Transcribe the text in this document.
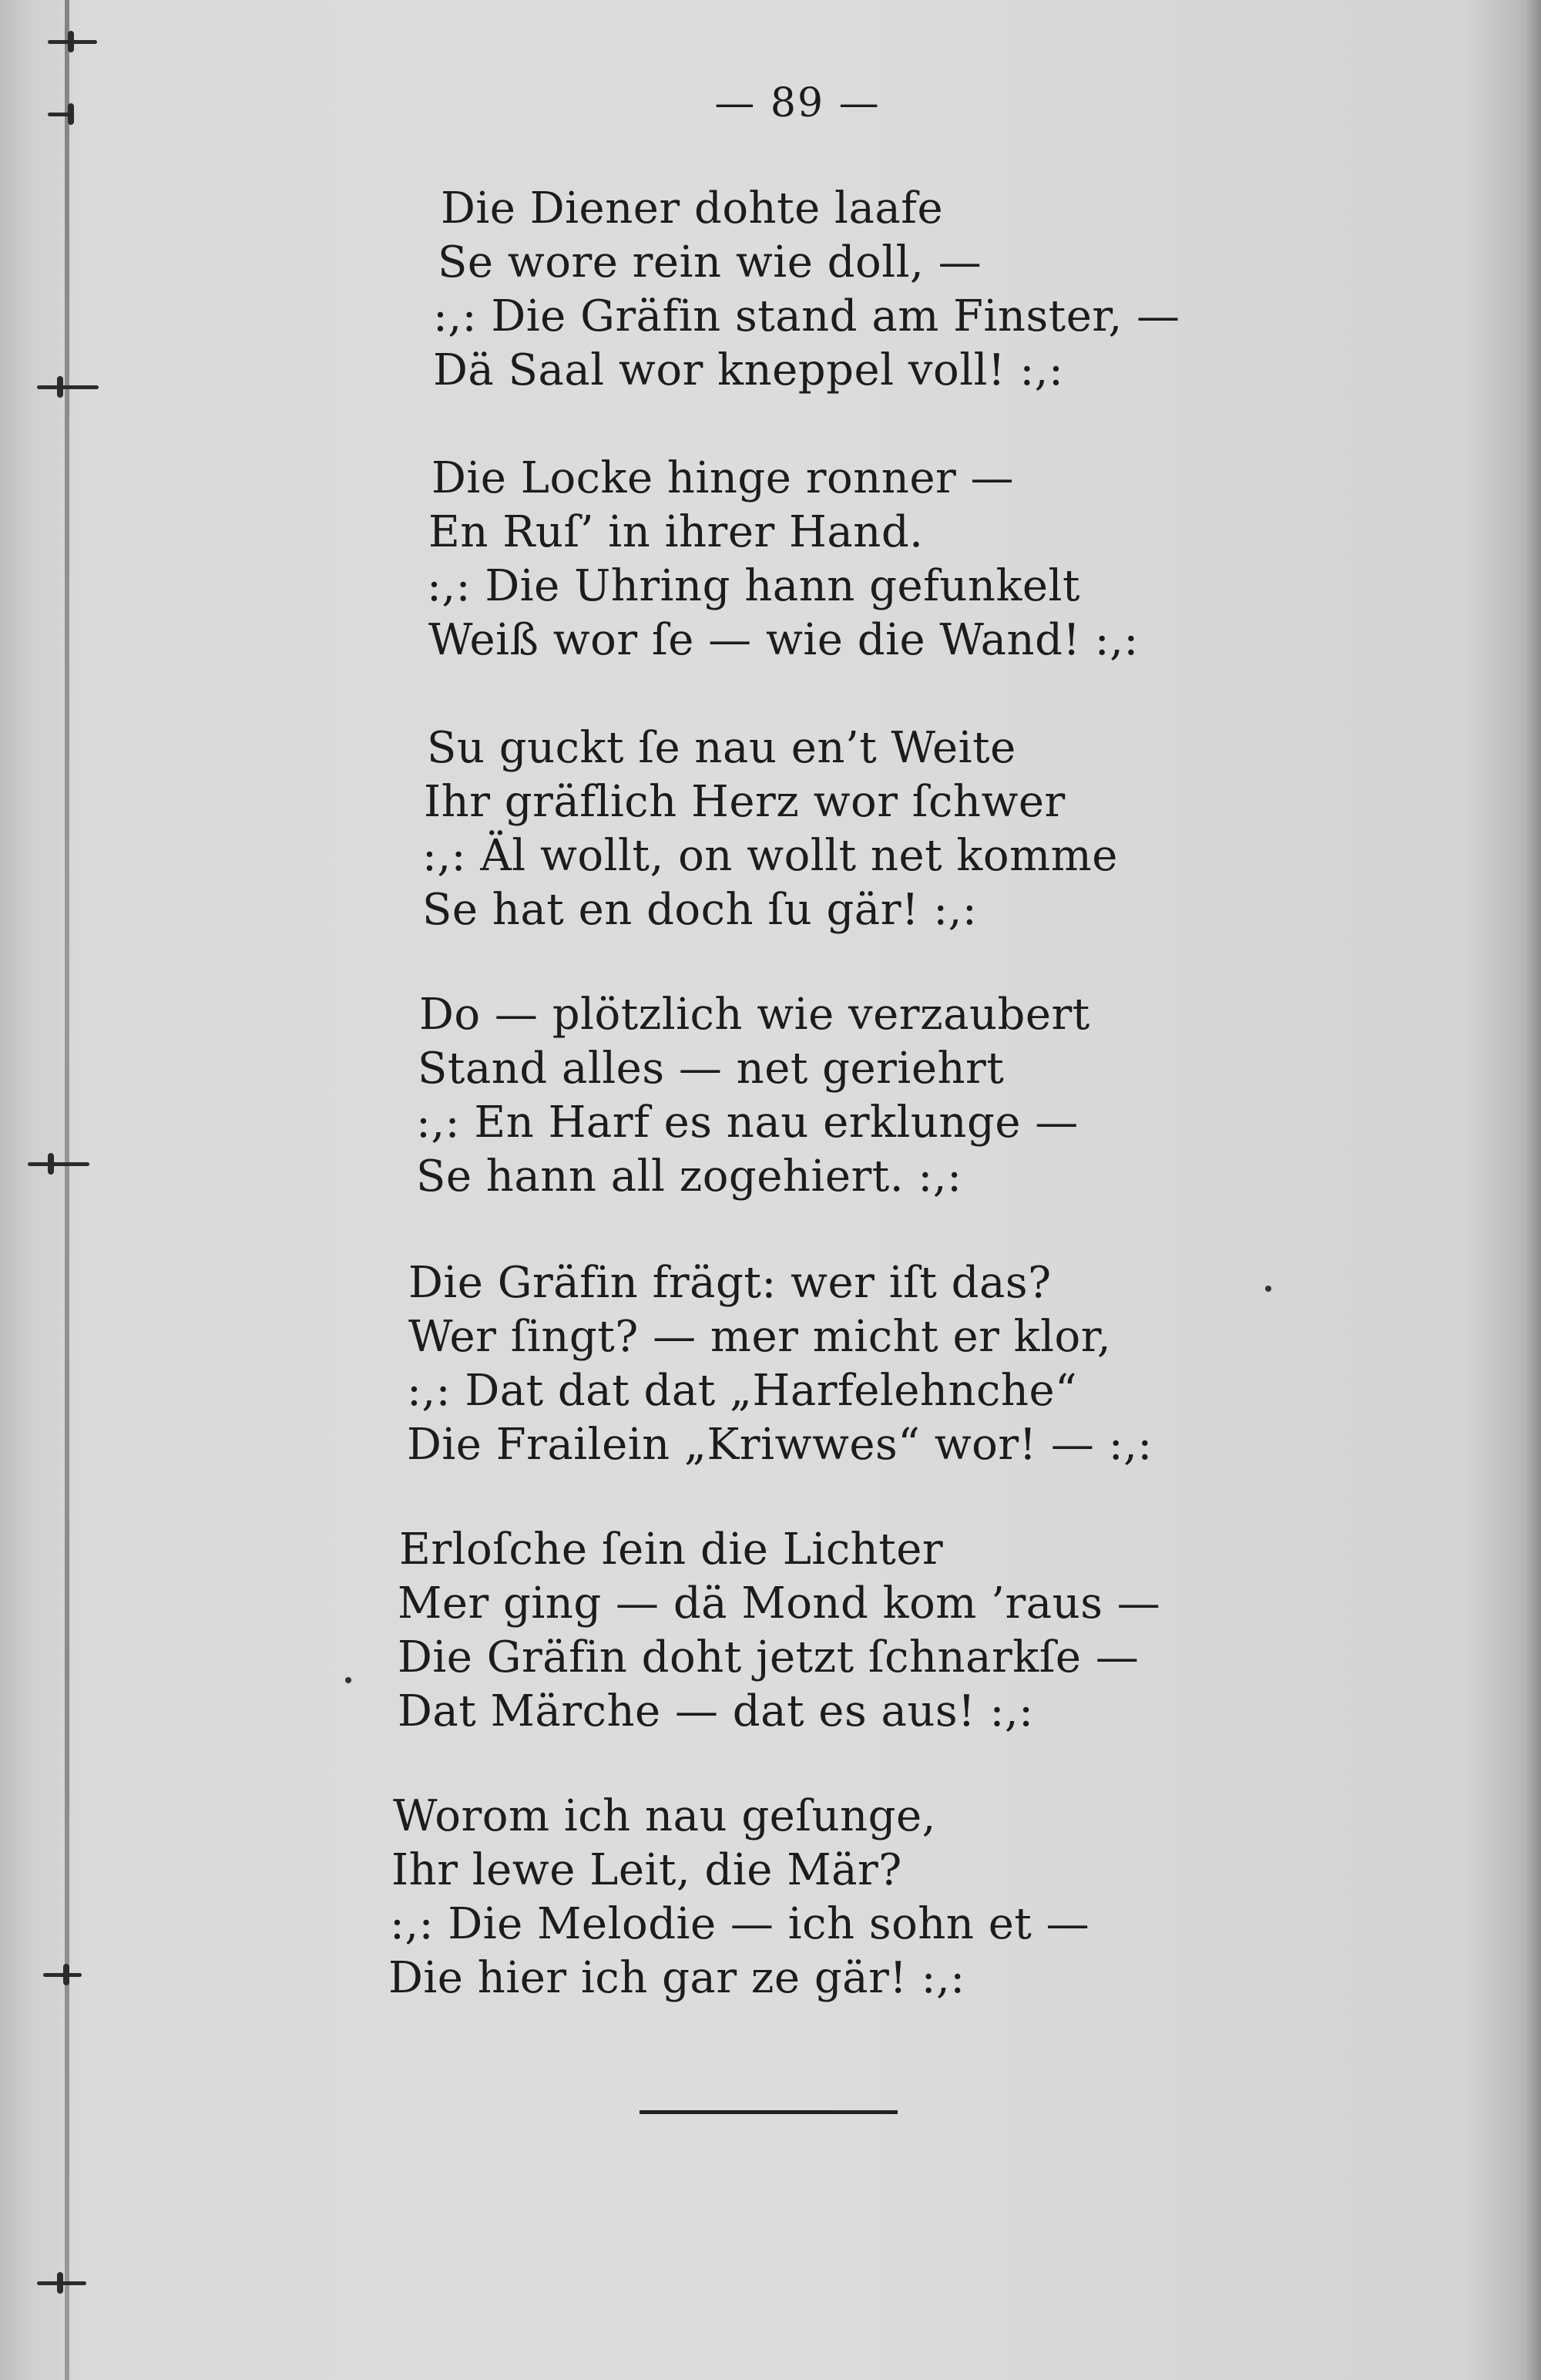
— 89 —
Die Diener dohte laafe
Se wore rein wie doll, —
:,: Die Gräfin stand am Finster, —
Dä Saal wor kneppel voll! :,:
Die Locke hinge ronner —
En Ruſ’ in ihrer Hand.
:,: Die Uhring hann gefunkelt
Weiß wor ſe — wie die Wand! :,:
Su guckt ſe nau en’t Weite
Ihr gräflich Herz wor ſchwer
:,: Äl wollt, on wollt net komme
Se hat en doch ſu gär! :,:
Do — plötzlich wie verzaubert
Stand alles — net geriehrt
:,: En Harf es nau erklunge —
Se hann all zogehiert. :,:
Die Gräfin frägt: wer iſt das?
Wer ſingt? — mer micht er klor,
:,: Dat dat dat „Harfelehnche“
Die Frailein „Kriwwes“ wor! — :,:
Erloſche ſein die Lichter
Mer ging — dä Mond kom ’raus —
Die Gräfin doht jetzt ſchnarkſe —
Dat Märche — dat es aus! :,:
Worom ich nau geſunge,
Ihr lewe Leit, die Mär?
:,: Die Melodie — ich sohn et —
Die hier ich gar ze gär! :,:
